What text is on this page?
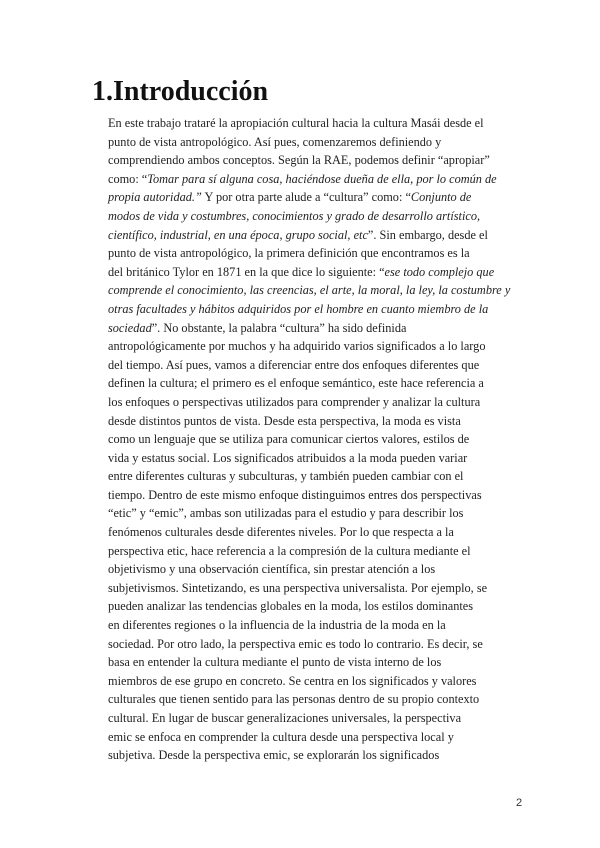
1.Introducción
En este trabajo trataré la apropiación cultural hacia la cultura Masái desde el
punto de vista antropológico. Así pues, comenzaremos definiendo y
comprendiendo ambos conceptos. Según la RAE, podemos definir “apropiar”
como: “Tomar para sí alguna cosa, haciéndose dueña de ella, por lo común de
propia autoridad.” Y por otra parte alude a “cultura” como: “Conjunto de
modos de vida y costumbres, conocimientos y grado de desarrollo artístico,
científico, industrial, en una época, grupo social, etc”. Sin embargo, desde el
punto de vista antropológico, la primera definición que encontramos es la
del británico Tylor en 1871 en la que dice lo siguiente: “ese todo complejo que
comprende el conocimiento, las creencias, el arte, la moral, la ley, la costumbre y
otras facultades y hábitos adquiridos por el hombre en cuanto miembro de la
sociedad”. No obstante, la palabra “cultura” ha sido definida
antropológicamente por muchos y ha adquirido varios significados a lo largo
del tiempo. Así pues, vamos a diferenciar entre dos enfoques diferentes que
definen la cultura; el primero es el enfoque semántico, este hace referencia a
los enfoques o perspectivas utilizados para comprender y analizar la cultura
desde distintos puntos de vista. Desde esta perspectiva, la moda es vista
como un lenguaje que se utiliza para comunicar ciertos valores, estilos de
vida y estatus social. Los significados atribuidos a la moda pueden variar
entre diferentes culturas y subculturas, y también pueden cambiar con el
tiempo. Dentro de este mismo enfoque distinguimos entres dos perspectivas
“etic” y “emic”, ambas son utilizadas para el estudio y para describir los
fenómenos culturales desde diferentes niveles. Por lo que respecta a la
perspectiva etic, hace referencia a la compresión de la cultura mediante el
objetivismo y una observación científica, sin prestar atención a los
subjetivismos. Sintetizando, es una perspectiva universalista. Por ejemplo, se
pueden analizar las tendencias globales en la moda, los estilos dominantes
en diferentes regiones o la influencia de la industria de la moda en la
sociedad. Por otro lado, la perspectiva emic es todo lo contrario. Es decir, se
basa en entender la cultura mediante el punto de vista interno de los
miembros de ese grupo en concreto. Se centra en los significados y valores
culturales que tienen sentido para las personas dentro de su propio contexto
cultural. En lugar de buscar generalizaciones universales, la perspectiva
emic se enfoca en comprender la cultura desde una perspectiva local y
subjetiva. Desde la perspectiva emic, se explorarán los significados
2
